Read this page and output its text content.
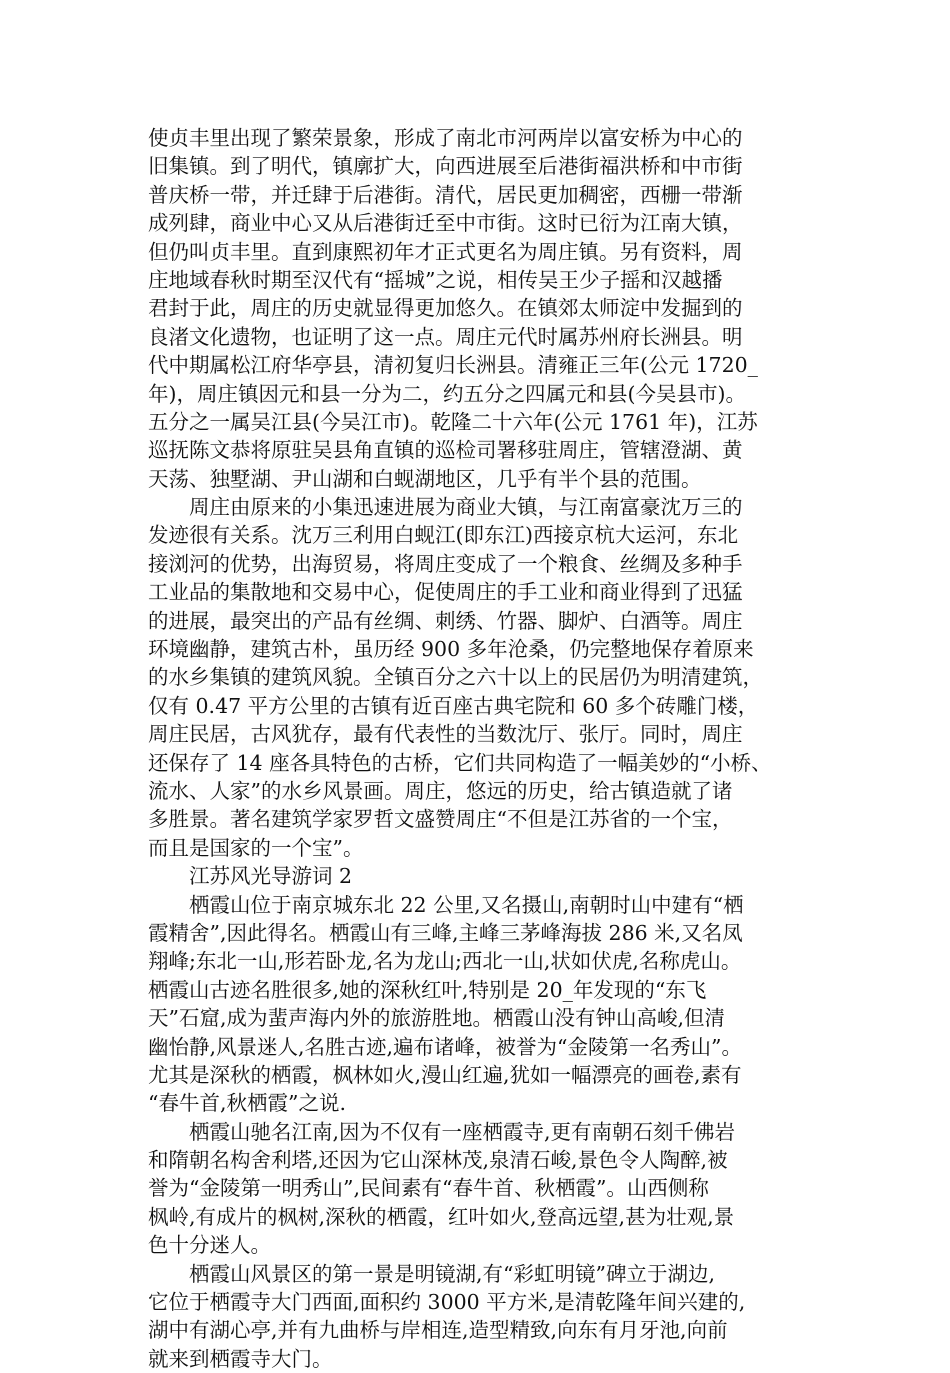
使贞丰里出现了繁荣景象，形成了南北市河两岸以富安桥为中心的
旧集镇。到了明代，镇廓扩大，向西进展至后港街福洪桥和中市街
普庆桥一带，并迁肆于后港街。清代，居民更加稠密，西栅一带渐
成列肆，商业中心又从后港街迁至中市街。这时已衍为江南大镇，
但仍叫贞丰里。直到康熙初年才正式更名为周庄镇。另有资料，周
庄地域春秋时期至汉代有“摇城”之说，相传吴王少子摇和汉越播
君封于此，周庄的历史就显得更加悠久。在镇郊太师淀中发掘到的
良渚文化遗物，也证明了这一点。周庄元代时属苏州府长洲县。明
代中期属松江府华亭县，清初复归长洲县。清雍正三年(公元 1720_
年)，周庄镇因元和县一分为二，约五分之四属元和县(今吴县市)。
五分之一属吴江县(今吴江市)。乾隆二十六年(公元 1761 年)，江苏
巡抚陈文恭将原驻吴县角直镇的巡检司署移驻周庄，管辖澄湖、黄
天荡、独墅湖、尹山湖和白蚬湖地区，几乎有半个县的范围。
周庄由原来的小集迅速进展为商业大镇，与江南富豪沈万三的
发迹很有关系。沈万三利用白蚬江(即东江)西接京杭大运河，东北
接浏河的优势，出海贸易，将周庄变成了一个粮食、丝绸及多种手
工业品的集散地和交易中心，促使周庄的手工业和商业得到了迅猛
的进展，最突出的产品有丝绸、刺绣、竹器、脚炉、白酒等。周庄
环境幽静，建筑古朴，虽历经 900 多年沧桑，仍完整地保存着原来
的水乡集镇的建筑风貌。全镇百分之六十以上的民居仍为明清建筑，
仅有 0.47 平方公里的古镇有近百座古典宅院和 60 多个砖雕门楼，
周庄民居，古风犹存，最有代表性的当数沈厅、张厅。同时，周庄
还保存了 14 座各具特色的古桥，它们共同构造了一幅美妙的“小桥、
流水、人家”的水乡风景画。周庄，悠远的历史，给古镇造就了诸
多胜景。著名建筑学家罗哲文盛赞周庄“不但是江苏省的一个宝，
而且是国家的一个宝”。
江苏风光导游词 2
栖霞山位于南京城东北 22 公里,又名摄山,南朝时山中建有“栖
霞精舍”,因此得名。栖霞山有三峰,主峰三茅峰海拔 286 米,又名凤
翔峰;东北一山,形若卧龙,名为龙山;西北一山,状如伏虎,名称虎山。
栖霞山古迹名胜很多,她的深秋红叶,特别是 20_年发现的“东飞
天”石窟,成为蜚声海内外的旅游胜地。栖霞山没有钟山高峻,但清
幽怡静,风景迷人,名胜古迹,遍布诸峰，被誉为“金陵第一名秀山”。
尤其是深秋的栖霞，枫林如火,漫山红遍,犹如一幅漂亮的画卷,素有
“春牛首,秋栖霞”之说.
栖霞山驰名江南,因为不仅有一座栖霞寺,更有南朝石刻千佛岩
和隋朝名构舍利塔,还因为它山深林茂,泉清石峻,景色令人陶醉,被
誉为“金陵第一明秀山”,民间素有“春牛首、秋栖霞”。山西侧称
枫岭,有成片的枫树,深秋的栖霞，红叶如火,登高远望,甚为壮观,景
色十分迷人。
栖霞山风景区的第一景是明镜湖,有“彩虹明镜”碑立于湖边,
它位于栖霞寺大门西面,面积约 3000 平方米,是清乾隆年间兴建的,
湖中有湖心亭,并有九曲桥与岸相连,造型精致,向东有月牙池,向前
就来到栖霞寺大门。
